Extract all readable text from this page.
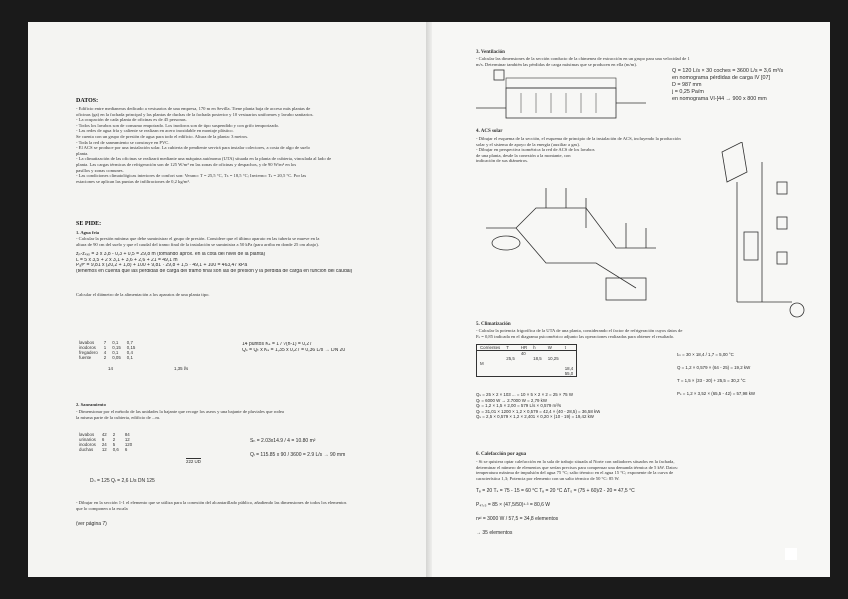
DATOS:
- Edificio entre medianeras dedicado a vestuarios de una empresa, 170 m en Sevilla. Tiene planta baja de acceso más plantas de
oficinas (ga) en la fachada principal y las plantas de duchas de la fachada posterior y 10 vestuarios uniformes y lavabo sanitarios.
- La ocupación de cada planta de oficinas es de 45 personas.
- Todos los lavabos son de consumo empotrado. Los inodoros son de tipo suspendido y con grifo temporizado.
- Las redes de agua fría y caliente se realizan en acero inoxidable en montaje plástico.
Se cuenta con un grupo de presión de agua para todo el edificio. Altura de la planta: 3 metros.
- Toda la red de saneamiento se construye en PVC.
- El ACS se produce por una instalación solar. La cubierta de pendiente servirá para instalar colectores, a costa de algo de suelo
planta.
- La climatización de las oficinas se realizará mediante una máquina autónoma (UTA) situada en la planta de cubierta, vinculada al lado de
planta. Las cargas térmicas de refrigeración son de 125 W/m² en las zonas de oficinas y despachos, y de 90 W/m² en los
pasillos y zonas comunes.
- Las condiciones climatológicas interiores de confort son: Verano: T = 25,5 °C, Tₕ = 18,5 °C; Invierno: Tₛ = 20,5 °C. Por las
estaciones se aplican las puntas de infiltraciones de 0,2 kg/m².
SE PIDE:
1. Agua fría
- Calcular la presión mínima que debe suministrar el grupo de presión. Considere que el último aparato en las tubería se mueve en la
altura de 90 cm del suelo y que el caudal del tramo final de la instalación se suministra a 50 kPa (para arriba en donde 25 cm abajo).
zₚ-zₛₓₓ = 3 x 3,8 - 0,3 + 0,5 = 29,8 m (tomando aprox. en la cota del nivel de la planta)
L = 5 x 3,5 + 2 x 3,1 + 3,6 + 2,6 + 21 = 49,1 m
Pₐᵍᴾ = 9,81 x (20,2 + 1,8) + 100 + 9,81 · 29,8 + 1,5 · 49,1 + 100 = 463,47 kPa
(tenemos en cuenta que las pérdidas de carga del tramo final son las de presión y la pérdida de carga en función del caudal)
Calcular el diámetro de la alimentación a los aparatos de una planta tipo.
lavabos	7	0,1	0,7
inodoros	1	0,15	0,15
fregadero	4	0,1	0,4
fuente	2	0,05	0,1
14	1,35 l/s
14 puntos Kₛ = 1 / √(n-1) = 0,27
Qₛ = Qₜ x Kₛ = 1,35 x 0,27 = 0,36 L/s → DN 20
2. Saneamiento
- Dimensionar por el método de las unidades la bajante que recoge los aseos y una bajante de pluviales que rodea
la misma parte de la cubierta, edificio de ...m.
lavabos	42	2	84
urinarios	6	2	12
inodoros	24	5	120
duchas	12	0,6	6
222 UD
Sₕ = 2.03x14.9 / 4 = 10.80 m²
Qₗ = 115.85 x 90 / 3600 = 2.9 L/s → 90 mm
Dₙ = 125 Qₗ = 2,6 L/s DN 125
- Dibujar en la sección 1-1 el elemento que se utiliza para la conexión del alcantarillado público, añadiendo las dimensiones de todos los elementos
que lo componen a la escala
(ver página 7)
3. Ventilación
- Calcular las dimensiones de la sección conducto de la chimenea de extracción en un grupo para una velocidad de 1
m/s. Determinar también las pérdidas de carga máximas que se producen en ella (m/m).
Q = 120 L/s × 30 coches = 3600 L/s = 3,6 m³/s
en nomograma pérdidas de carga IV [07]
D = 987 mm
j = 0,25 Pa/m
en nomograma VI-[44 → 900 x 800 mm
4. ACS solar
- Dibujar el esquema de la sección, el esquema de principio de la instalación de ACS, incluyendo la producción
solar y el sistema de apoyo de la energía (auxiliar a gas).
- Dibujar en perspectiva isométrica la red de ACS de los lavabos
de una planta, desde la conexión a la montante, con
indicación de sus diámetros.
5. Climatización
- Calcular la potencia frigorífica de la UTA de una planta, considerando el factor de refrigeración cuyos datos de
Fₛ = 0,85 indicada en el diagrama psicométrico adjunto las operaciones realizadas para obtener el resultado.
Corrientes	T	HR	h	W	t
		40			
	25,5		18,5	10,25	
M					
					18,4
					55,0
Qₛ = 25 × 2 × 103 ... = 10 × 5 × 2 × 2 = 25 × 75 W
Qₗ = 6000 W → 2.7000 W = 2,79 kW
Qₗ = 1,2 × 1,5 × 2,00 = 579 L/s × 0,579 m³/s
Qₗ = 31,01 × 1200 × 1,2 × 0,579 = 42,4 × (40 - 28,5) = 36,58 kW
Qₛ = 2,5 × 0,579 × 1,2 × 2,401 × 0,20 × (10 - 19) = 19,42 kW
tₘ = 30 × 18,4 / 1,7 = 5,00 °C
Q = 1,2 × 0,579 × (64 - 25) = 19,2 kW
T = 1,5 × (33 - 20) + 25,5 = 30,2 °C
Pₛ = 1,2 × 3,52 × (65,5 - 42) = 57,98 kW
6. Calefacción por agua
- Si se quisiera optar calefacción en la sala de trabajo situada al Norte con radiadores situados en la fachada,
determinar el número de elementos que serían precisos para compensar una demanda térmica de 5 kW. Datos:
temperatura máxima de impulsión del agua 75 °C; salto térmico en el agua 15 °C; exponente de la curva de
característica 1,3; Potencia por elemento con un salto térmico de 50 °C: 85 W.
Tₑ = 20 Tₛ = 75 - 15 = 60 °C Tₑ = 20 °C ΔT₀ = (75 + 60)/2 - 20 = 47,5 °C
P₄₇,₅ = 85 × (47,5/50)¹·³ = 80,6 W
nᵉˡ = 3000 W / 57,5 = 34,8 elementos
→ 35 elementos
